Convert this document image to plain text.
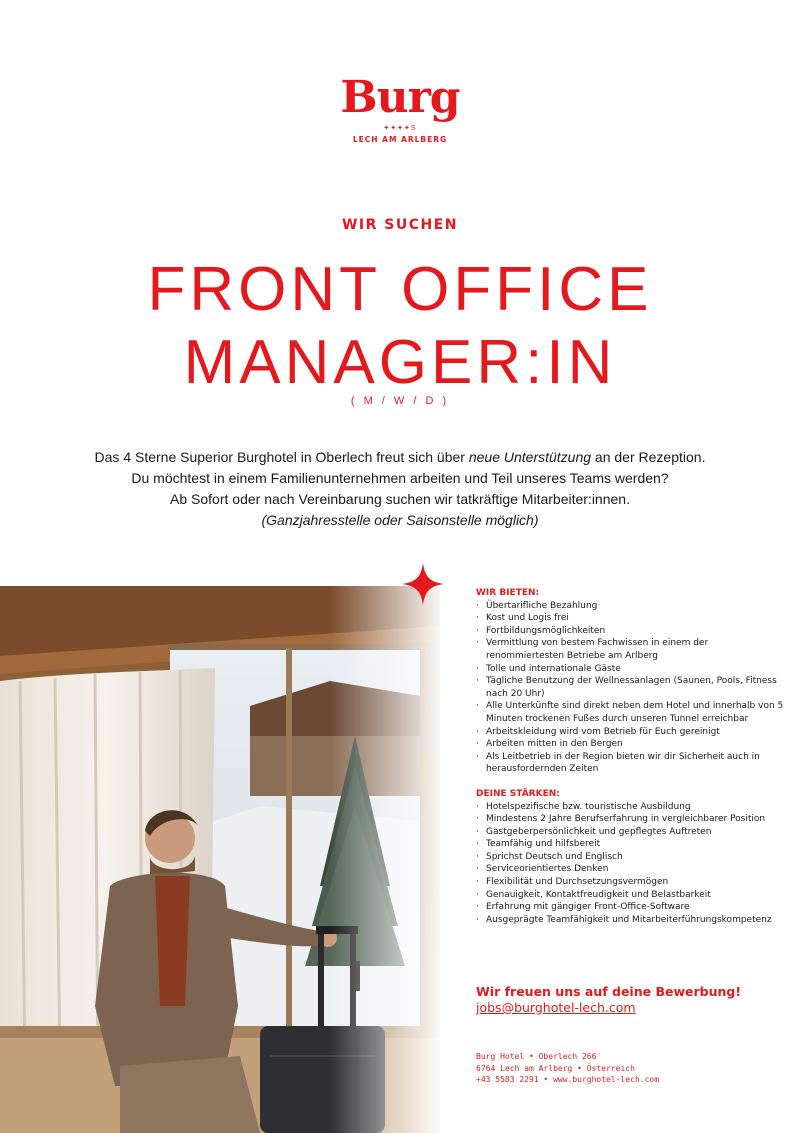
Burg
✦✦✦✦S
LECH AM ARLBERG
WIR SUCHEN
FRONT OFFICE
MANAGER:IN
( M / W / D )

Das 4 Sterne Superior Burghotel in Oberlech freut sich über neue Unterstützung an der Rezeption.

Du möchtest in einem Familienunternehmen arbeiten und Teil unseres Teams werden?

Ab Sofort oder nach Vereinbarung suchen wir tatkräftige Mitarbeiter:innen.

(Ganzjahresstelle oder Saisonstelle möglich)

WIR BIETEN:
· Übertarifliche Bezahlung
· Kost und Logis frei
· Fortbildungsmöglichkeiten
· Vermittlung von bestem Fachwissen in einem der renommiertesten Betriebe am Arlberg
· Tolle und internationale Gäste
· Tägliche Benutzung der Wellnessanlagen (Saunen, Pools, Fitness nach 20 Uhr)
· Alle Unterkünfte sind direkt neben dem Hotel und innerhalb von 5 Minuten trockenen Fußes durch unseren Tunnel erreichbar
· Arbeitskleidung wird vom Betrieb für Euch gereinigt
· Arbeiten mitten in den Bergen
· Als Leitbetrieb in der Region bieten wir dir Sicherheit auch in herausfordernden Zeiten
DEINE STÄRKEN:
· Hotelspezifische bzw. touristische Ausbildung
· Mindestens 2 Jahre Berufserfahrung in vergleichbarer Position
· Gastgeberpersönlichkeit und gepflegtes Auftreten
· Teamfähig und hilfsbereit
· Sprichst Deutsch und Englisch
· Serviceorientiertes Denken
· Flexibilität und Durchsetzungsvermögen
· Genauigkeit, Kontaktfreudigkeit und Belastbarkeit
· Erfahrung mit gängiger Front-Office-Software
· Ausgeprägte Teamfähigkeit und Mitarbeiterführungskompetenz
Wir freuen uns auf deine Bewerbung!
jobs@burghotel-lech.com
Burg Hotel • Oberlech 266
6764 Lech am Arlberg • Österreich
+43 5583 2291 • www.burghotel-lech.com
